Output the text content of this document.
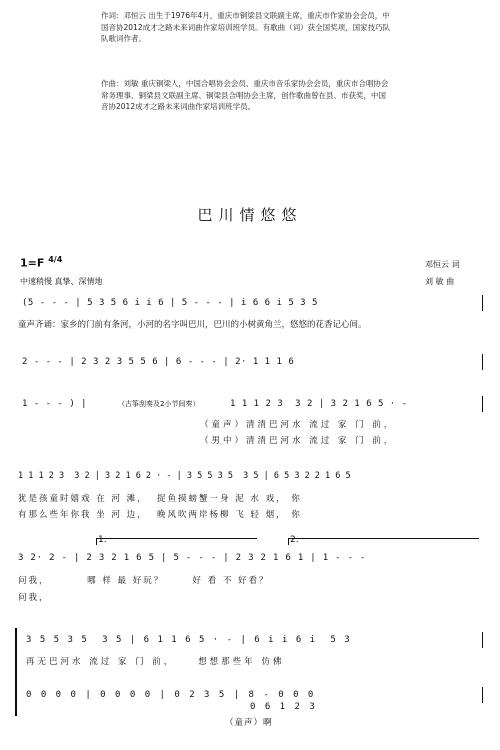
作词：邓恒云 出生于1976年4月，重庆市铜梁县文联副主席，重庆市作家协会会员，中国音协2012成才之路未来词曲作家培训班学员。有歌曲（词）获全国奖项，国家技巧队队歌词作者。
作曲：刘敏 重庆铜梁人，中国合唱协会会员、重庆市音乐家协会会员，重庆市合唱协会常务理事、铜梁县文联副主席、铜梁县合唱协会主席，创作歌曲曾在县、市获奖，中国音协2012成才之路未来词曲作家培训班学员。
巴川情悠悠
1=F $^{4/4}$
中速稍慢 真挚、深情地
邓恒云 词
刘 敏 曲
(5 - - - | 5 3 5 6 i i 6 | 5 - - - | i 6 6 i 5 3 5
童声齐诵：家乡的门前有条河，小河的名字叫巴川，巴川的小树黄角兰，悠悠的花香记心间。
2 - - - | 2 3 2 3 5 5 6 | 6 - - - | 2· 1 1 1 6
1 - - - ) |	（古筝刮奏及2小节间奏）	1 1 1 2 3  3 2 | 3 2 1 6 5 · -
（童声）清清巴河水 流过 家 门 前，
（男中）清清巴河水 流过 家 门 前，
1 1 1 2 3  3 2 | 3 2 1 6 2 · - | 3 5 5 3 5  3 5 | 6 5 3 2 2 1 6 5
犹是孩童时嬉戏 在 河 滩，  捉鱼摸螃蟹一身 泥 水 戏， 你
有那么些年你我 坐 河 边，  晚风吹两岸杨柳 飞 轻 烟， 你
1.	2.
3 2· 2 - | 2 3 2 1 6 5 | 5 - - - | 2 3 2 1 6 1 | 1 - - -
问我，        哪 样 最 好玩？      好 看 不 好看？
问我，
3 5 5 3 5  3 5 | 6 1 1 6 5 · - | 6 i i 6 i  5 3
再无巴河水 流过 家 门 前，    想想那些年 仿佛
0 0 0 0 | 0 0 0 0 | 0 2 3 5 | 8 - 0 0 0
0 6 1 2 3
（童声）啊
